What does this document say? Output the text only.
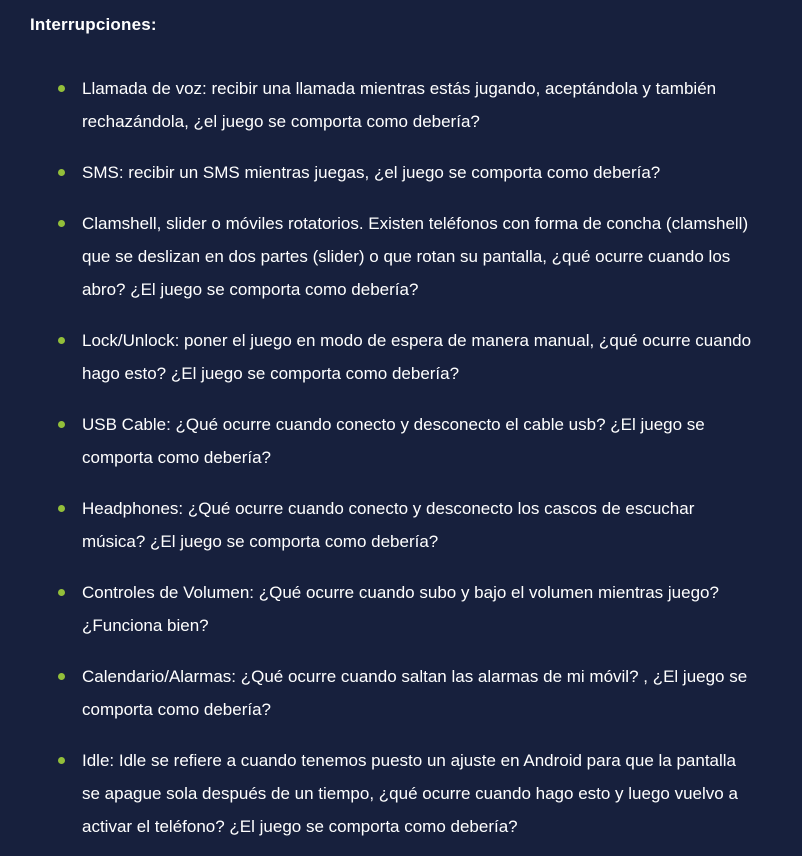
Interrupciones:
Llamada de voz: recibir una llamada mientras estás jugando, aceptándola y también rechazándola, ¿el juego se comporta como debería?
SMS: recibir un SMS mientras juegas, ¿el juego se comporta como debería?
Clamshell, slider o móviles rotatorios. Existen teléfonos con forma de concha (clamshell) que se deslizan en dos partes (slider) o que rotan su pantalla, ¿qué ocurre cuando los abro? ¿El juego se comporta como debería?
Lock/Unlock: poner el juego en modo de espera de manera manual, ¿qué ocurre cuando hago esto? ¿El juego se comporta como debería?
USB Cable: ¿Qué ocurre cuando conecto y desconecto el cable usb? ¿El juego se comporta como debería?
Headphones: ¿Qué ocurre cuando conecto y desconecto los cascos de escuchar música? ¿El juego se comporta como debería?
Controles de Volumen: ¿Qué ocurre cuando subo y bajo el volumen mientras juego? ¿Funciona bien?
Calendario/Alarmas: ¿Qué ocurre cuando saltan las alarmas de mi móvil? , ¿El juego se comporta como debería?
Idle: Idle se refiere a cuando tenemos puesto un ajuste en Android para que la pantalla se apague sola después de un tiempo, ¿qué ocurre cuando hago esto y luego vuelvo a activar el teléfono? ¿El juego se comporta como debería?
